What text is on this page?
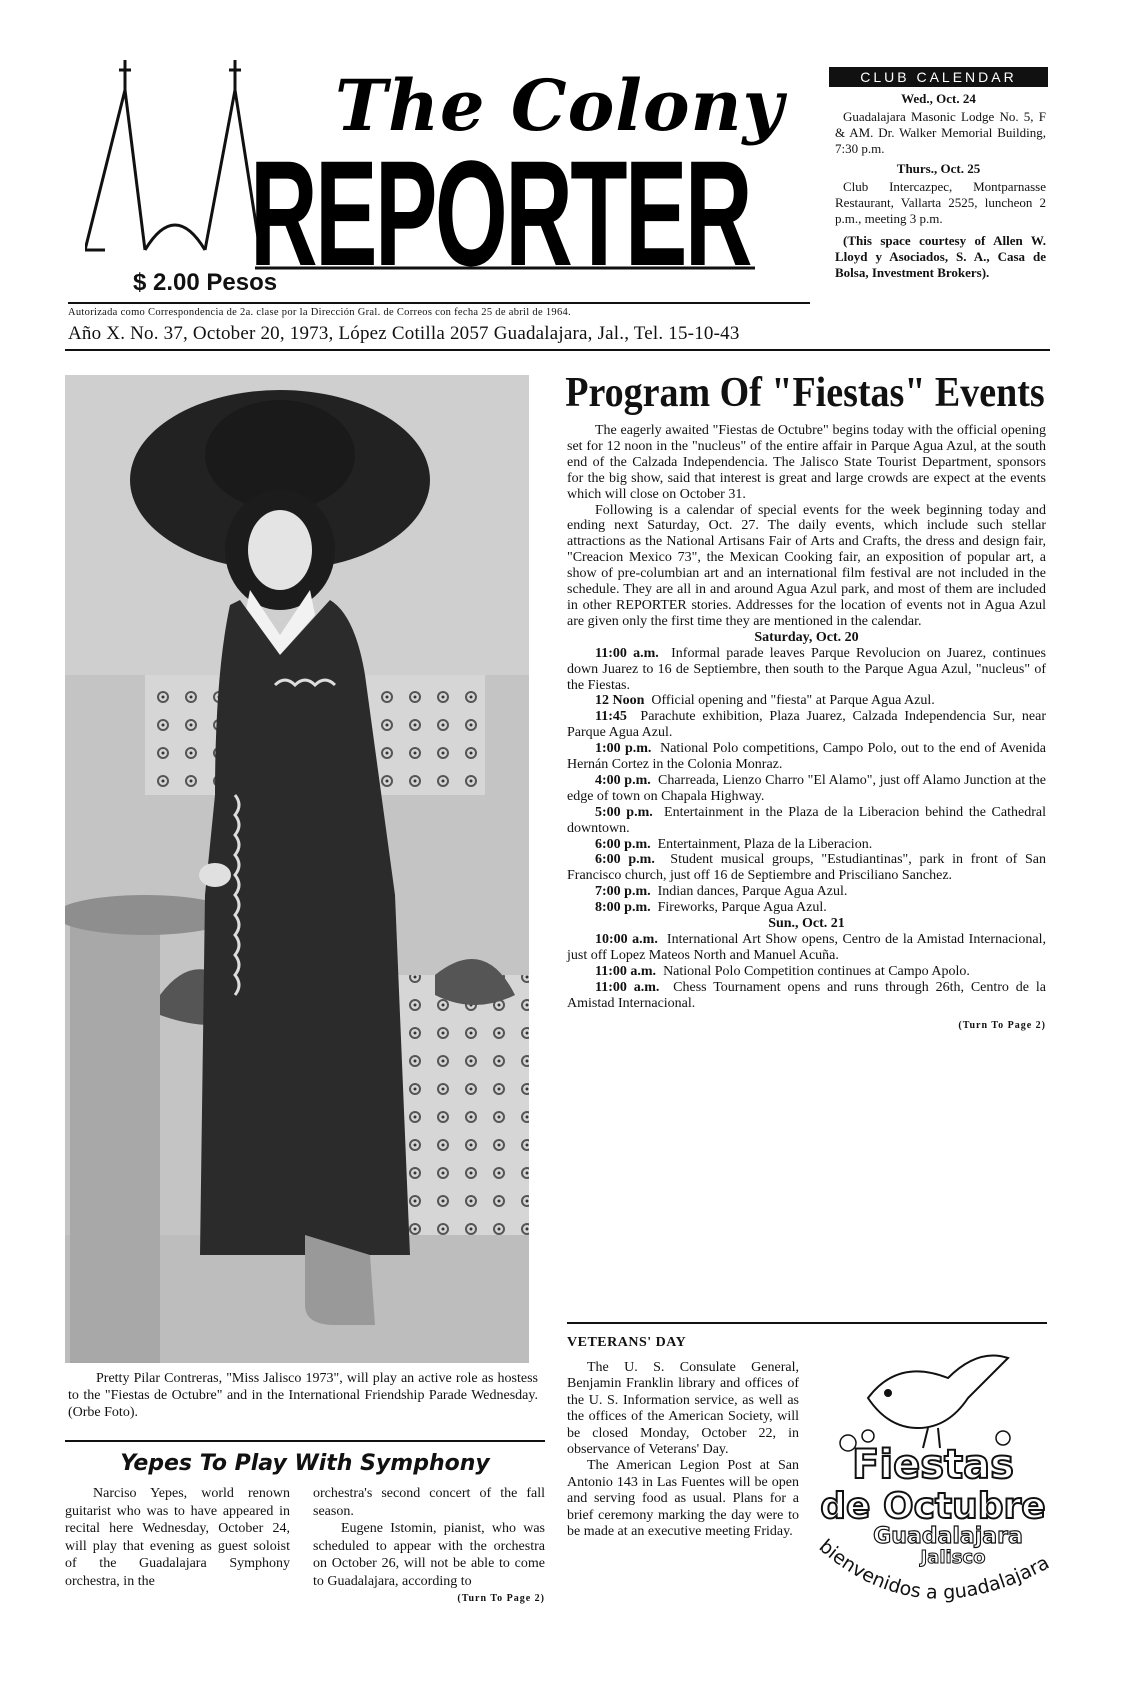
The Colony
REPORTER
$ 2.00 Pesos
Autorizada como Correspondencia de 2a. clase por la Dirección Gral. de Correos con fecha 25 de abril de 1964.
Año X. No. 37, October 20, 1973, López Cotilla 2057 Guadalajara, Jal., Tel. 15-10-43
CLUB CALENDAR
Wed., Oct. 24
Guadalajara Masonic Lodge No. 5, F & AM. Dr. Walker Memorial Building, 7:30 p.m.
Thurs., Oct. 25
Club Intercazpec, Montparnasse Restaurant, Vallarta 2525, luncheon 2 p.m., meeting 3 p.m.
(This space courtesy of Allen W. Lloyd y Asociados, S. A., Casa de Bolsa, Investment Brokers).
Pretty Pilar Contreras, "Miss Jalisco 1973", will play an active role as hostess to the "Fiestas de Octubre" and in the International Friendship Parade Wednesday. (Orbe Foto).
Yepes To Play With Symphony
Narciso Yepes, world renown guitarist who was to have appeared in recital here Wednesday, October 24, will play that evening as guest soloist of the Guadalajara Symphony orchestra, in the
orchestra's second concert of the fall season.
Eugene Istomin, pianist, who was scheduled to appear with the orchestra on October 26, will not be able to come to Guadalajara, according to
(Turn To Page 2)
Program Of "Fiestas" Events

The eagerly awaited "Fiestas de Octubre" begins today with the official opening set for 12 noon in the "nucleus" of the entire affair in Parque Agua Azul, at the south end of the Calzada Independencia. The Jalisco State Tourist Department, sponsors for the big show, said that interest is great and large crowds are expect at the events which will close on October 31.

Following is a calendar of special events for the week beginning today and ending next Saturday, Oct. 27. The daily events, which include such stellar attractions as the National Artisans Fair of Arts and Crafts, the dress and design fair, "Creacion Mexico 73", the Mexican Cooking fair, an exposition of popular art, a show of pre-columbian art and an international film festival are not included in the schedule. They are all in and around Agua Azul park, and most of them are included in other REPORTER stories. Addresses for the location of events not in Agua Azul are given only the first time they are mentioned in the calendar.

Saturday, Oct. 20

11:00 a.m. Informal parade leaves Parque Revolucion on Juarez, continues down Juarez to 16 de Septiembre, then south to the Parque Agua Azul, "nucleus" of the Fiestas.

12 Noon Official opening and "fiesta" at Parque Agua Azul.

11:45 Parachute exhibition, Plaza Juarez, Calzada Independencia Sur, near Parque Agua Azul.

1:00 p.m. National Polo competitions, Campo Polo, out to the end of Avenida Hernán Cortez in the Colonia Monraz.

4:00 p.m. Charreada, Lienzo Charro "El Alamo", just off Alamo Junction at the edge of town on Chapala Highway.

5:00 p.m. Entertainment in the Plaza de la Liberacion behind the Cathedral downtown.

6:00 p.m. Entertainment, Plaza de la Liberacion.

6:00 p.m. Student musical groups, "Estudiantinas", park in front of San Francisco church, just off 16 de Septiembre and Prisciliano Sanchez.

7:00 p.m. Indian dances, Parque Agua Azul.

8:00 p.m. Fireworks, Parque Agua Azul.

Sun., Oct. 21

10:00 a.m. International Art Show opens, Centro de la Amistad Internacional, just off Lopez Mateos North and Manuel Acuña.

11:00 a.m. National Polo Competition continues at Campo Apolo.

11:00 a.m. Chess Tournament opens and runs through 26th, Centro de la Amistad Internacional.

(Turn To Page 2)
VETERANS' DAY

The U. S. Consulate General, Benjamin Franklin library and offices of the U. S. Information service, as well as the offices of the American Society, will be closed Monday, October 22, in observance of Veterans' Day.

The American Legion Post at San Antonio 143 in Las Fuentes will be open and serving food as usual. Plans for a brief ceremony marking the day were to be made at an executive meeting Friday.

Fiestas
de Octubre
Guadalajara
Jalisco
bienvenidos a guadalajara
